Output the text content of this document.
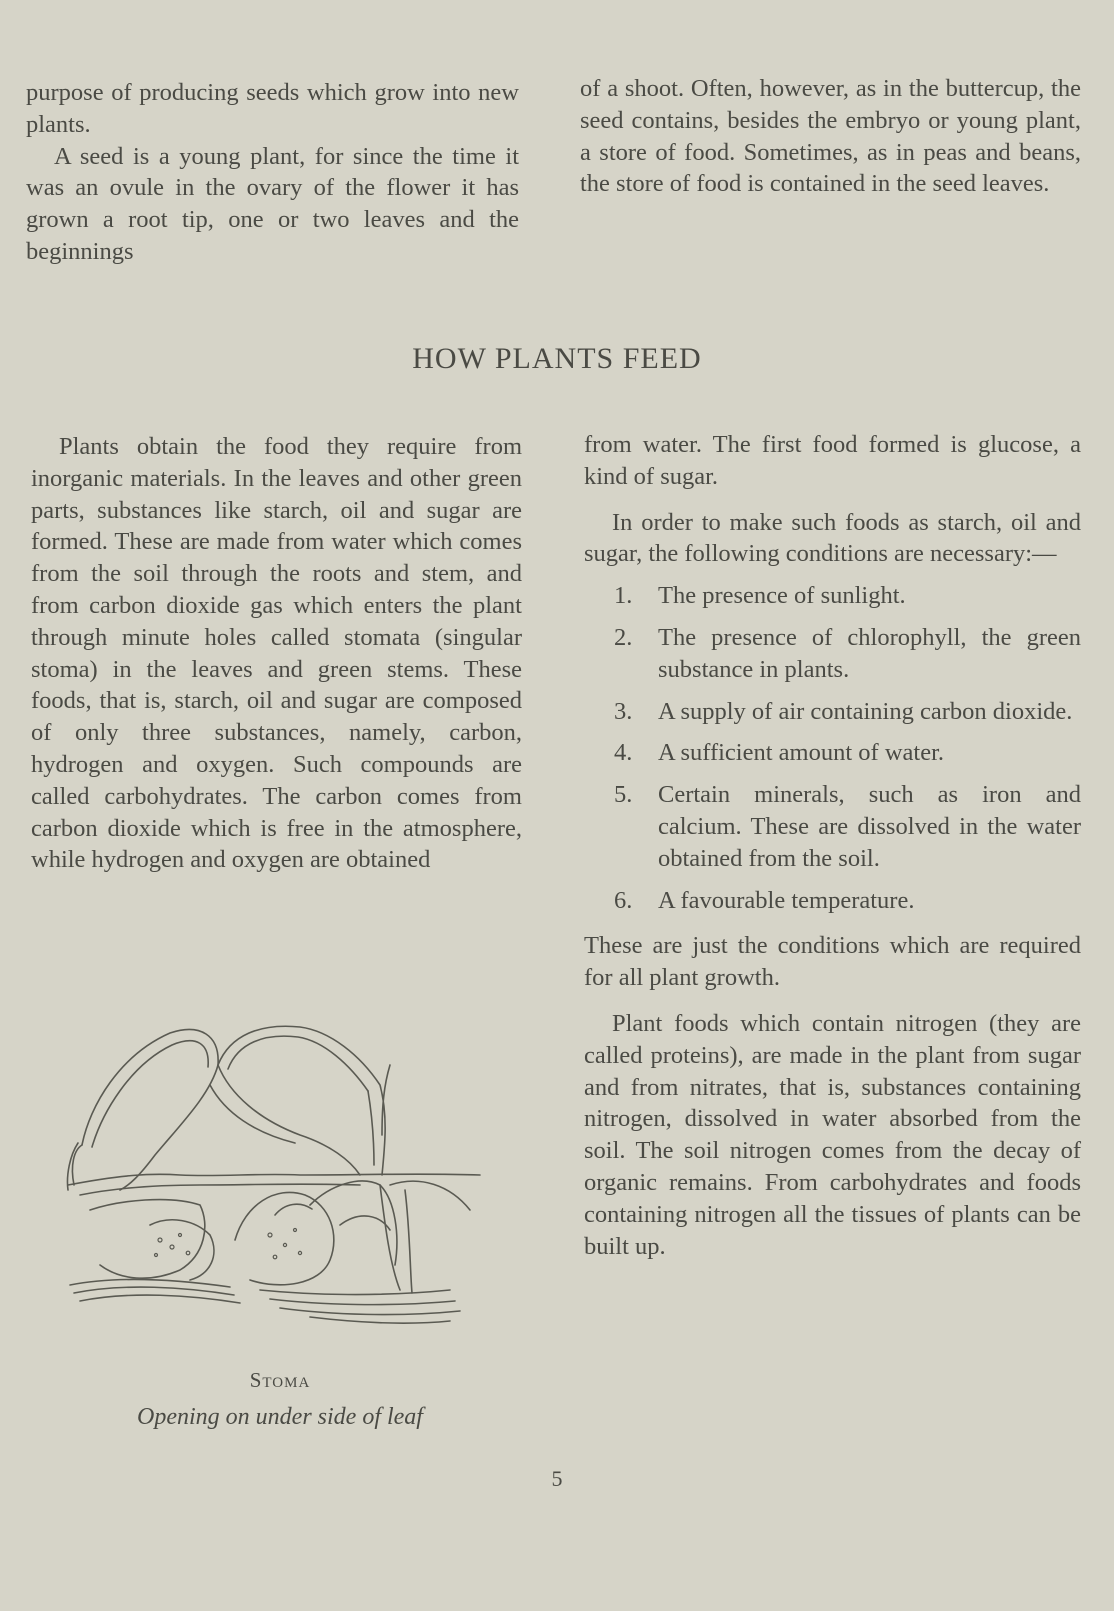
purpose of producing seeds which grow into new plants.

A seed is a young plant, for since the time it was an ovule in the ovary of the flower it has grown a root tip, one or two leaves and the beginnings

of a shoot. Often, however, as in the buttercup, the seed contains, besides the embryo or young plant, a store of food. Sometimes, as in peas and beans, the store of food is contained in the seed leaves.

HOW PLANTS FEED

Plants obtain the food they require from inorganic materials. In the leaves and other green parts, substances like starch, oil and sugar are formed. These are made from water which comes from the soil through the roots and stem, and from carbon dioxide gas which enters the plant through minute holes called stomata (singular stoma) in the leaves and green stems. These foods, that is, starch, oil and sugar are composed of only three substances, namely, carbon, hydrogen and oxygen. Such compounds are called carbohydrates. The carbon comes from carbon dioxide which is free in the atmosphere, while hydrogen and oxygen are obtained

from water. The first food formed is glucose, a kind of sugar.

In order to make such foods as starch, oil and sugar, the following conditions are necessary:—

1.	The presence of sunlight.
2.	The presence of chlorophyll, the green substance in plants.
3.	A supply of air containing carbon dioxide.
4.	A sufficient amount of water.
5.	Certain minerals, such as iron and calcium. These are dissolved in the water obtained from the soil.
6.	A favourable temperature.

These are just the conditions which are required for all plant growth.

Plant foods which contain nitrogen (they are called proteins), are made in the plant from sugar and from nitrates, that is, substances containing nitrogen, dissolved in water absorbed from the soil. The soil nitrogen comes from the decay of organic remains. From carbohydrates and foods containing nitrogen all the tissues of plants can be built up.

Stoma
Opening on under side of leaf
5
